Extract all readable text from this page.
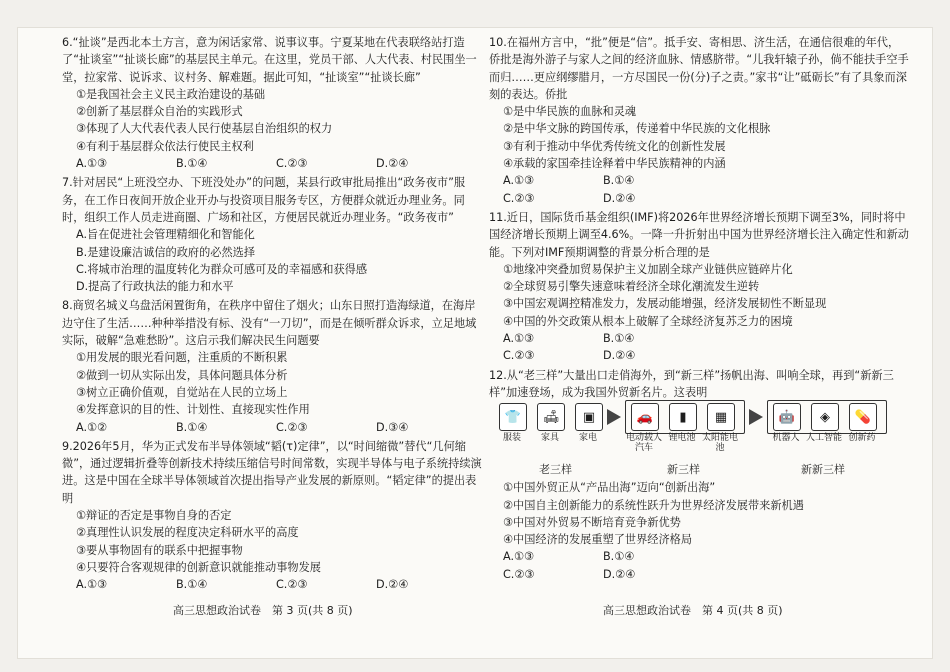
6.“扯谈”是西北本土方言，意为闲话家常、说事议事。宁夏某地在代表联络站打造了“扯谈室”“扯谈长廊”的基层民主单元。在这里，党员干部、人大代表、村民围坐一堂，拉家常、说诉求、议村务、解难题。据此可知，“扯谈室”“扯谈长廊”
①是我国社会主义民主政治建设的基础
②创新了基层群众自治的实践形式
③体现了人大代表代表人民行使基层自治组织的权力
④有利于基层群众依法行使民主权利
A.①③	B.①④	C.②③	D.②④
7.针对居民“上班没空办、下班没处办”的问题，某县行政审批局推出“政务夜市”服务，在工作日夜间开放企业开办与投资项目服务专区，方便群众就近办理业务。同时，组织工作人员走进商圈、广场和社区，方便居民就近办理业务。“政务夜市”
A.旨在促进社会管理精细化和智能化
B.是建设廉洁诚信的政府的必然选择
C.将城市治理的温度转化为群众可感可及的幸福感和获得感
D.提高了行政执法的能力和水平
8.商贸名城义乌盘活闲置街角，在秩序中留住了烟火；山东日照打造海绿道，在海岸边守住了生活……种种举措没有标、没有“一刀切”，而是在倾听群众诉求，立足地域实际，破解“急难愁盼”。这启示我们解决民生问题要
①用发展的眼光看问题，注重质的不断积累
②做到一切从实际出发，具体问题具体分析
③树立正确价值观，自觉站在人民的立场上
④发挥意识的目的性、计划性、直接现实性作用
A.①②	B.①④	C.②③	D.③④
9.2026年5月，华为正式发布半导体领域“韬(τ)定律”，以“时间缩微”替代“几何缩微”，通过逻辑折叠等创新技术持续压缩信号时间常数，实现半导体与电子系统持续演进。这是中国在全球半导体领域首次提出指导产业发展的新原则。“韬定律”的提出表明
①辩证的否定是事物自身的否定
②真理性认识发展的程度决定科研水平的高度
③要从事物固有的联系中把握事物
④只要符合客观规律的创新意识就能推动事物发展
A.①③	B.①④	C.②③	D.②④
10.在福州方言中，“批”便是“信”。抵手安、寄相思、济生活，在通信很难的年代，侨批是海外游子与家人之间的经济血脉、情感脐带。“儿我轩辕子孙，倘不能扶手空手而归……更应纲缪腊月，一方尽国民一份(分)子之责。”家书“让”砥砺长”有了具象而深刻的表达。侨批
①是中华民族的血脉和灵魂
②是中华文脉的跨国传承，传递着中华民族的文化根脉
③有利于推动中华优秀传统文化的创新性发展
④承载的家国牵挂诠释着中华民族精神的内涵
A.①③	B.①④
C.②③	D.②④
11.近日，国际货币基金组织(IMF)将2026年世界经济增长预期下调至3%，同时将中国经济增长预期上调至4.6%。一降一升折射出中国为世界经济增长注入确定性和新动能。下列对IMF预期调整的背景分析合理的是
①地缘冲突叠加贸易保护主义加剧全球产业链供应链碎片化
②全球贸易引擎失速意味着经济全球化潮流发生逆转
③中国宏观调控精准发力，发展动能增强，经济发展韧性不断显现
④中国的外交政策从根本上破解了全球经济复苏乏力的困境
A.①③	B.①④
C.②③	D.②④
12.从“老三样”大量出口走俏海外，到“新三样”扬帆出海、叫响全球，再到“新新三样”加速登场，成为我国外贸新名片。这表明
👕	🛋	▣
服装	家具	家电
🚗	▮	▦
电动载人汽车
锂电池 太阳能电池
🤖	◈	💊
机器人 人工智能 创新药
老三样	新三样	新新三样
①中国外贸正从“产品出海”迈向“创新出海”
②中国自主创新能力的系统性跃升为世界经济发展带来新机遇
③中国对外贸易不断培育竞争新优势
④中国经济的发展重塑了世界经济格局
A.①③	B.①④
C.②③	D.②④
高三思想政治试卷　第 3 页(共 8 页)	高三思想政治试卷　第 4 页(共 8 页)
